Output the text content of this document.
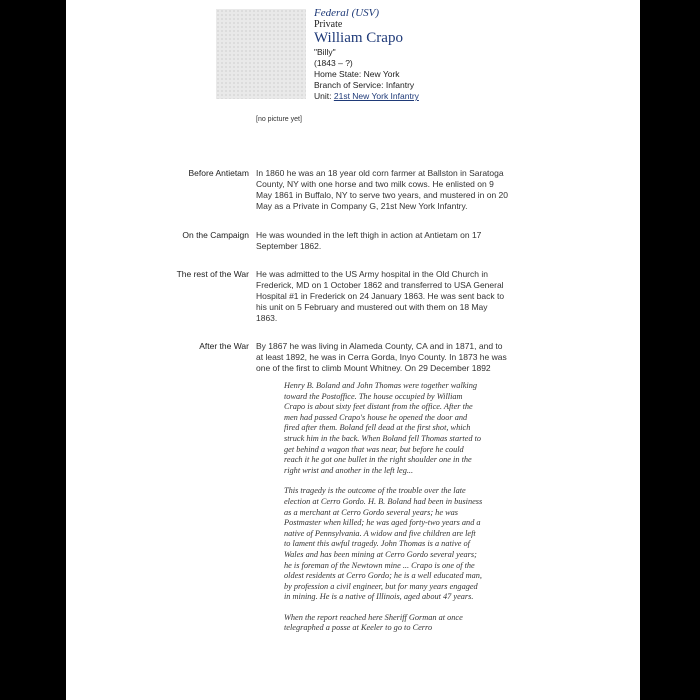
[no picture yet]
Federal (USV)
Private
William Crapo
"Billy"
(1843 – ?)
Home State: New York
Branch of Service: Infantry
Unit: 21st New York Infantry
Before Antietam In 1860 he was an 18 year old corn farmer at Ballston in Saratoga County, NY with one horse and two milk cows. He enlisted on 9 May 1861 in Buffalo, NY to serve two years, and mustered in on 20 May as a Private in Company G, 21st New York Infantry.
On the Campaign He was wounded in the left thigh in action at Antietam on 17 September 1862.
The rest of the War He was admitted to the US Army hospital in the Old Church in Frederick, MD on 1 October 1862 and transferred to USA General Hospital #1 in Frederick on 24 January 1863. He was sent back to his unit on 5 February and mustered out with them on 18 May 1863.
After the War By 1867 he was living in Alameda County, CA and in 1871, and to at least 1892, he was in Cerra Gorda, Inyo County. In 1873 he was one of the first to climb Mount Whitney. On 29 December 1892

Henry B. Boland and John Thomas were together walking toward the Postoffice. The house occupied by William Crapo is about sixty feet distant from the office. After the men had passed Crapo's house he opened the door and fired after them. Boland fell dead at the first shot, which struck him in the back. When Boland fell Thomas started to get behind a wagon that was near, but before he could reach it he got one bullet in the right shoulder one in the right wrist and another in the left leg...

This tragedy is the outcome of the trouble over the late election at Cerro Gordo. H. B. Boland had been in business as a merchant at Cerro Gordo several years; he was Postmaster when killed; he was aged forty-two years and a native of Pennsylvania. A widow and five children are left to lament this awful tragedy. John Thomas is a native of Wales and has been mining at Cerro Gordo several years; he is foreman of the Newtown mine ... Crapo is one of the oldest residents at Cerro Gordo; he is a well educated man, by profession a civil engineer, but for many years engaged in mining. He is a native of Illinois, aged about 47 years.

When the report reached here Sheriff Gorman at once telegraphed a posse at Keeler to go to Cerro
